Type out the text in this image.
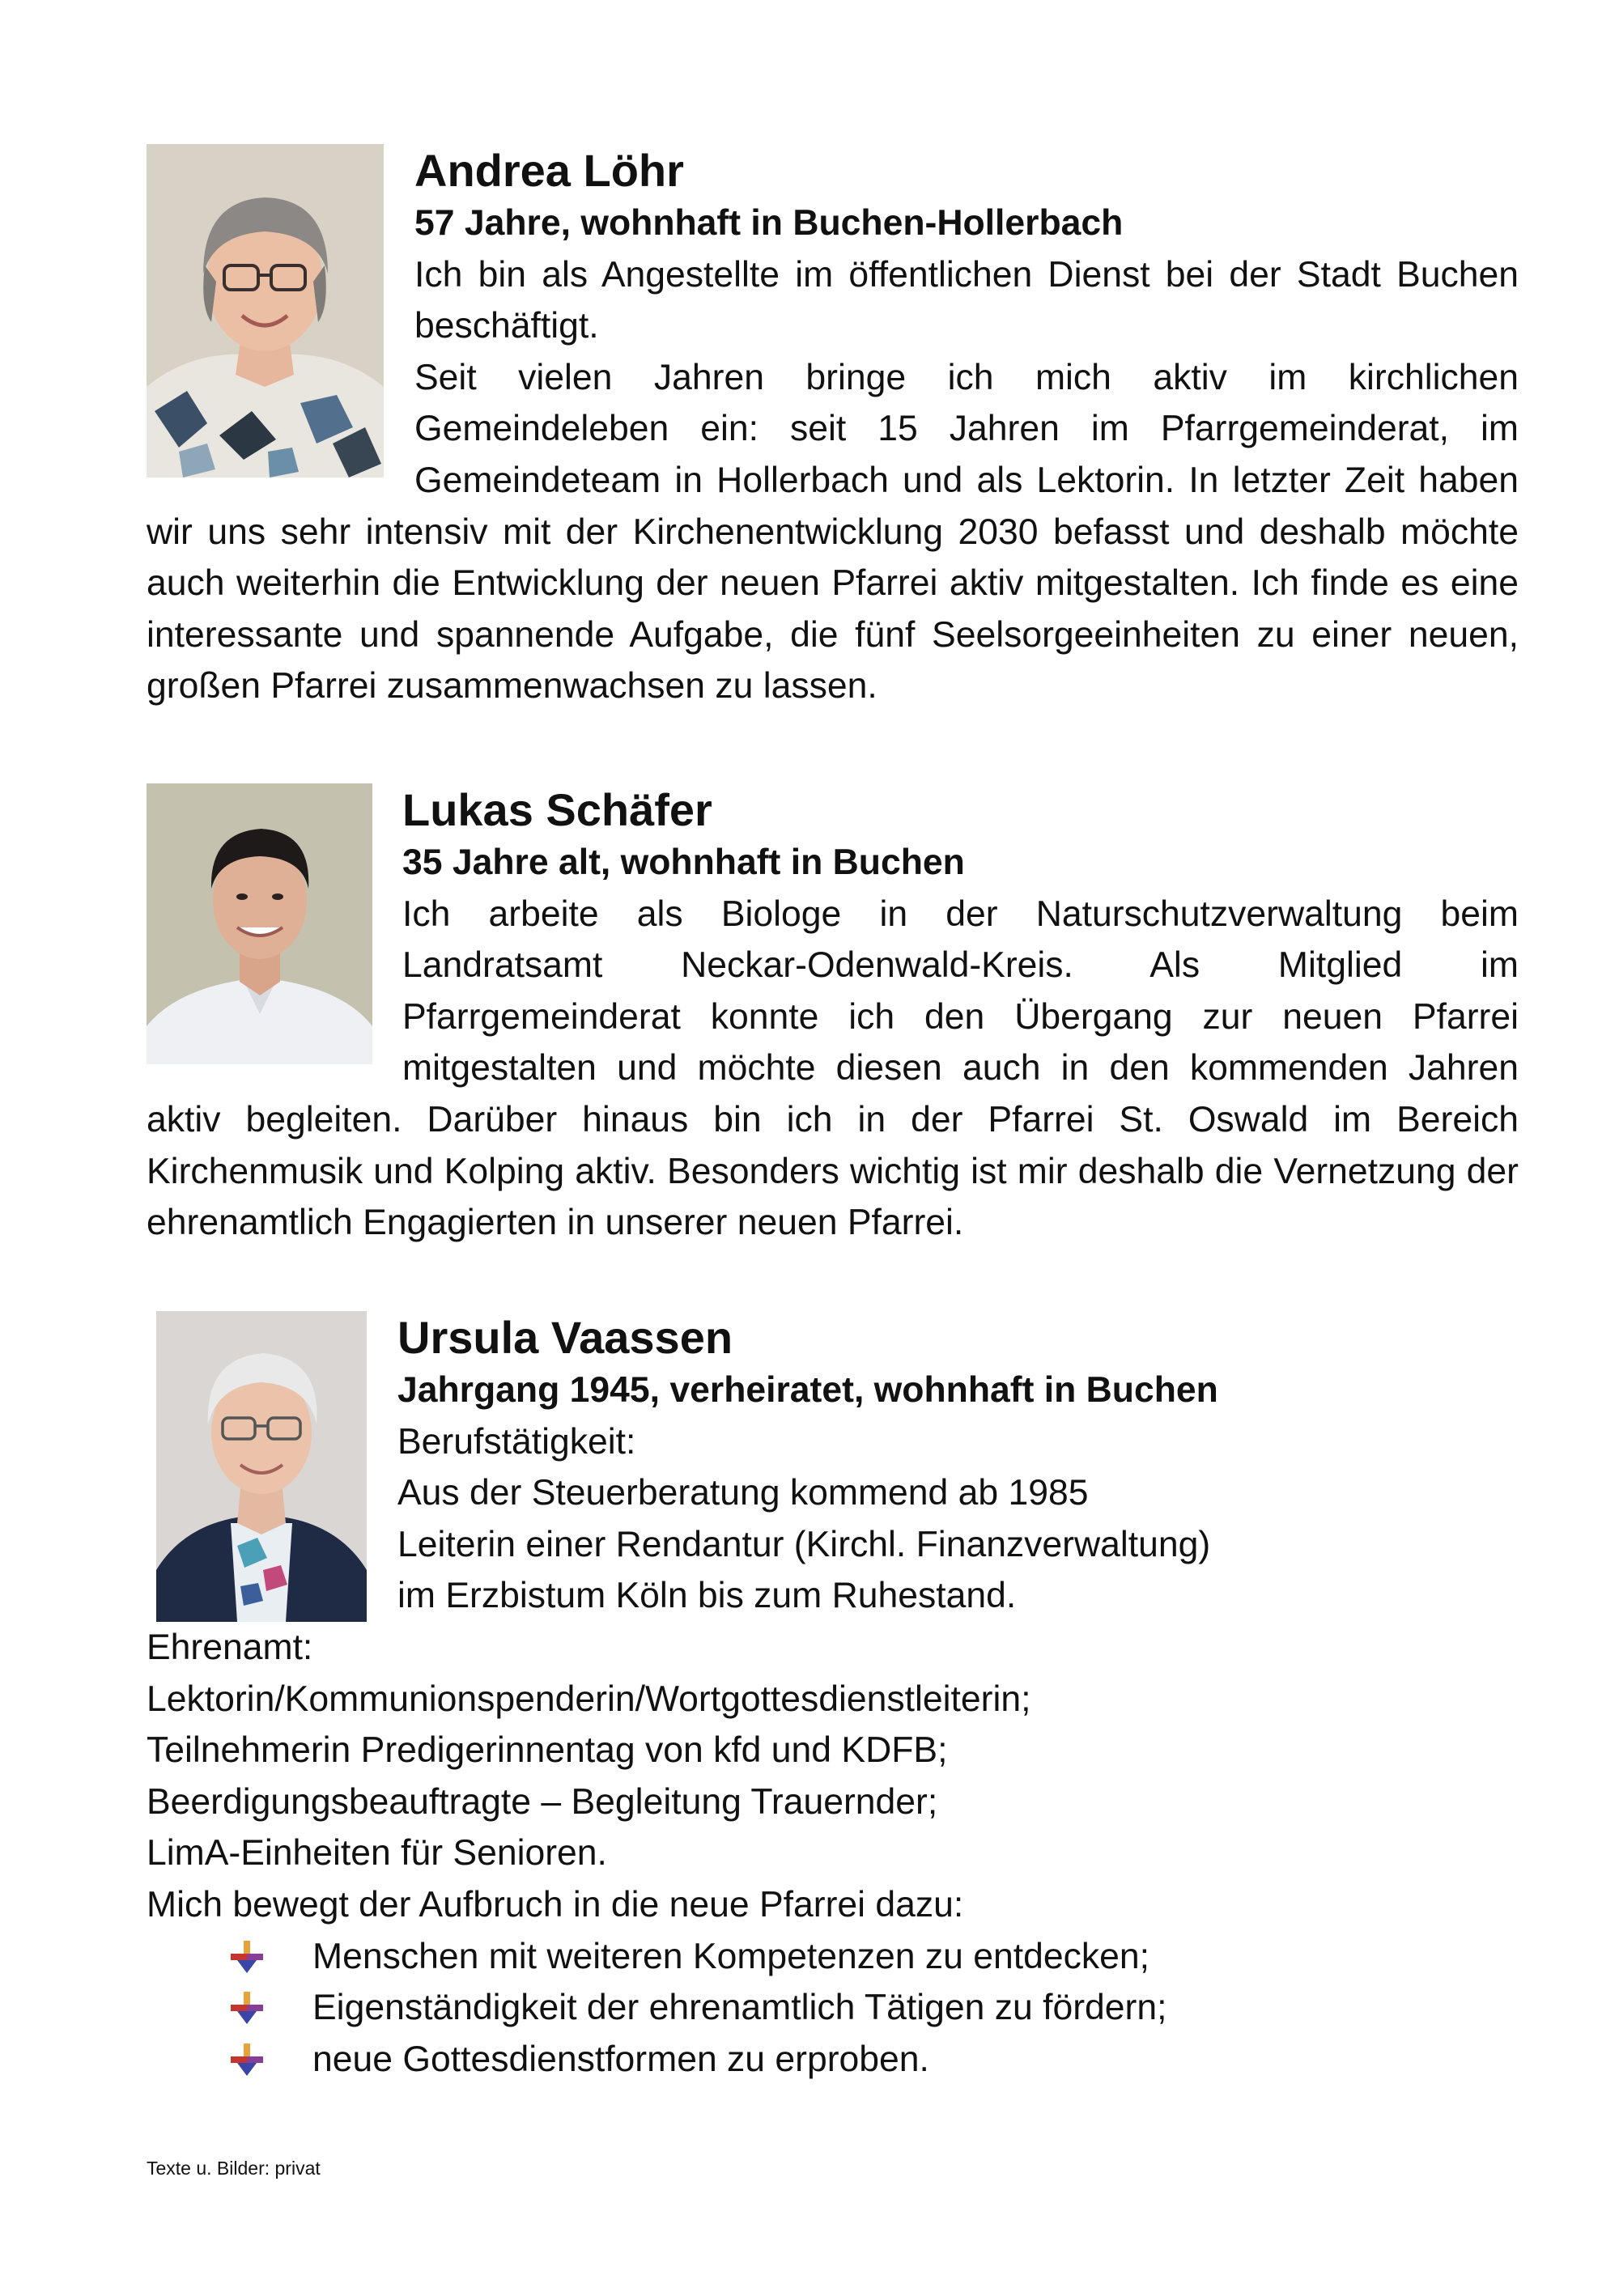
Andrea Löhr
57 Jahre, wohnhaft in Buchen-Hollerbach
Ich bin als Angestellte im öffentlichen Dienst bei der Stadt Buchen beschäftigt.
Seit vielen Jahren bringe ich mich aktiv im kirchlichen Gemeindeleben ein: seit 15 Jahren im Pfarrgemeinderat, im Gemeindeteam in Hollerbach und als Lektorin. In letzter Zeit haben wir uns sehr intensiv mit der Kirchenentwicklung 2030 befasst und deshalb möchte auch weiterhin die Entwicklung der neuen Pfarrei aktiv mitgestalten. Ich finde es eine interessante und spannende Aufgabe, die fünf Seelsorgeeinheiten zu einer neuen, großen Pfarrei zusammenwachsen zu lassen.
Lukas Schäfer
35 Jahre alt, wohnhaft in Buchen
Ich arbeite als Biologe in der Naturschutzverwaltung beim Landratsamt Neckar-Odenwald-Kreis. Als Mitglied im Pfarrgemeinderat konnte ich den Übergang zur neuen Pfarrei mitgestalten und möchte diesen auch in den kommenden Jahren aktiv begleiten. Darüber hinaus bin ich in der Pfarrei St. Oswald im Bereich Kirchenmusik und Kolping aktiv. Besonders wichtig ist mir deshalb die Vernetzung der ehrenamtlich Engagierten in unserer neuen Pfarrei.
Ursula Vaassen
Jahrgang 1945, verheiratet, wohnhaft in Buchen
Berufstätigkeit:
Aus der Steuerberatung kommend ab 1985
Leiterin einer Rendantur (Kirchl. Finanzverwaltung)
im Erzbistum Köln bis zum Ruhestand.
Ehrenamt:
Lektorin/Kommunionspenderin/Wortgottesdienstleiterin;
Teilnehmerin Predigerinnentag von kfd und KDFB;
Beerdigungsbeauftragte – Begleitung Trauernder;
LimA-Einheiten für Senioren.
Mich bewegt der Aufbruch in die neue Pfarrei dazu:
Menschen mit weiteren Kompetenzen zu entdecken;
Eigenständigkeit der ehrenamtlich Tätigen zu fördern;
neue Gottesdienstformen zu erproben.
Texte u. Bilder: privat
